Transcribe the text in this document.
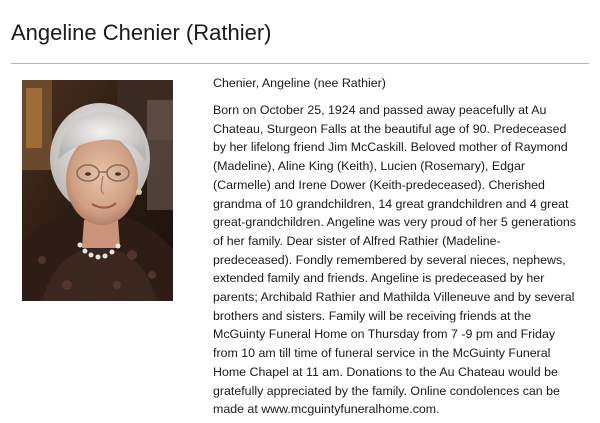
Angeline Chenier (Rathier)
Chenier, Angeline (nee Rathier)
Born on October 25, 1924 and passed away peacefully at Au
Chateau, Sturgeon Falls at the beautiful age of 90. Predeceased
by her lifelong friend Jim McCaskill. Beloved mother of Raymond
(Madeline), Aline King (Keith), Lucien (Rosemary), Edgar
(Carmelle) and Irene Dower (Keith-predeceased). Cherished
grandma of 10 grandchildren, 14 great grandchildren and 4 great
great-grandchildren. Angeline was very proud of her 5 generations
of her family. Dear sister of Alfred Rathier (Madeline-
predeceased). Fondly remembered by several nieces, nephews,
extended family and friends. Angeline is predeceased by her
parents; Archibald Rathier and Mathilda Villeneuve and by several
brothers and sisters. Family will be receiving friends at the
McGuinty Funeral Home on Thursday from 7 -9 pm and Friday
from 10 am till time of funeral service in the McGuinty Funeral
Home Chapel at 11 am. Donations to the Au Chateau would be
gratefully appreciated by the family. Online condolences can be
made at www.mcguintyfuneralhome.com.
